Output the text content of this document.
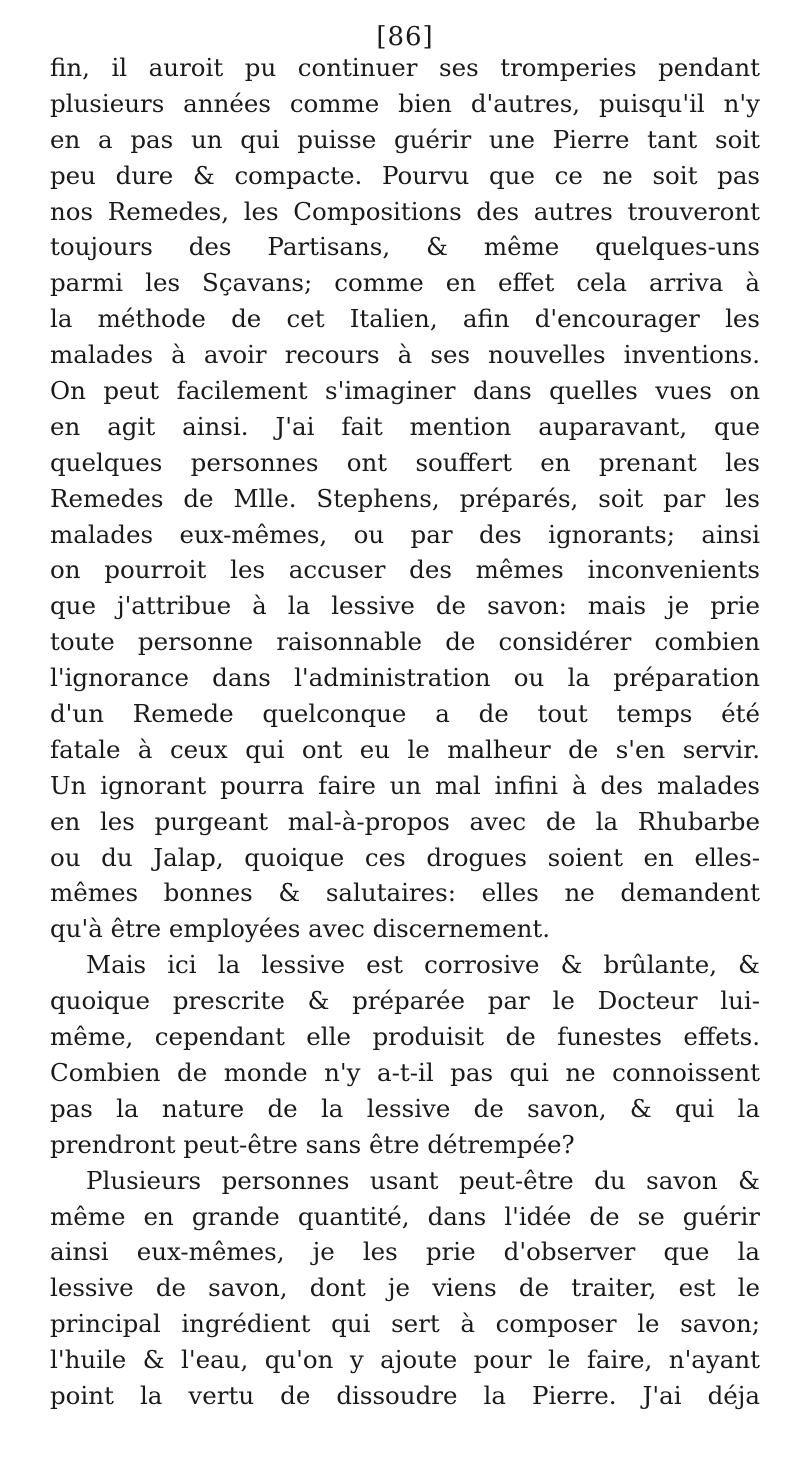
[86]
fin, il auroit pu continuer ses tromperies pendant
plusieurs années comme bien d'autres, puisqu'il n'y
en a pas un qui puisse guérir une Pierre tant soit
peu dure & compacte. Pourvu que ce ne soit pas
nos Remedes, les Compositions des autres trouveront
toujours des Partisans, & même quelques-uns
parmi les Sçavans; comme en effet cela arriva à
la méthode de cet Italien, afin d'encourager les
malades à avoir recours à ses nouvelles inventions.
On peut facilement s'imaginer dans quelles vues on
en agit ainsi. J'ai fait mention auparavant, que
quelques personnes ont souffert en prenant les
Remedes de Mlle. Stephens, préparés, soit par les
malades eux-mêmes, ou par des ignorants; ainsi
on pourroit les accuser des mêmes inconvenients
que j'attribue à la lessive de savon: mais je prie
toute personne raisonnable de considérer combien
l'ignorance dans l'administration ou la préparation
d'un Remede quelconque a de tout temps été
fatale à ceux qui ont eu le malheur de s'en servir.
Un ignorant pourra faire un mal infini à des malades
en les purgeant mal-à-propos avec de la Rhubarbe
ou du Jalap, quoique ces drogues soient en elles-
mêmes bonnes & salutaires: elles ne demandent
qu'à être employées avec discernement.
Mais ici la lessive est corrosive & brûlante, &
quoique prescrite & préparée par le Docteur lui-
même, cependant elle produisit de funestes effets.
Combien de monde n'y a-t-il pas qui ne connoissent
pas la nature de la lessive de savon, & qui la
prendront peut-être sans être détrempée?
Plusieurs personnes usant peut-être du savon &
même en grande quantité, dans l'idée de se guérir
ainsi eux-mêmes, je les prie d'observer que la
lessive de savon, dont je viens de traiter, est le
principal ingrédient qui sert à composer le savon;
l'huile & l'eau, qu'on y ajoute pour le faire, n'ayant
point la vertu de dissoudre la Pierre. J'ai déja
